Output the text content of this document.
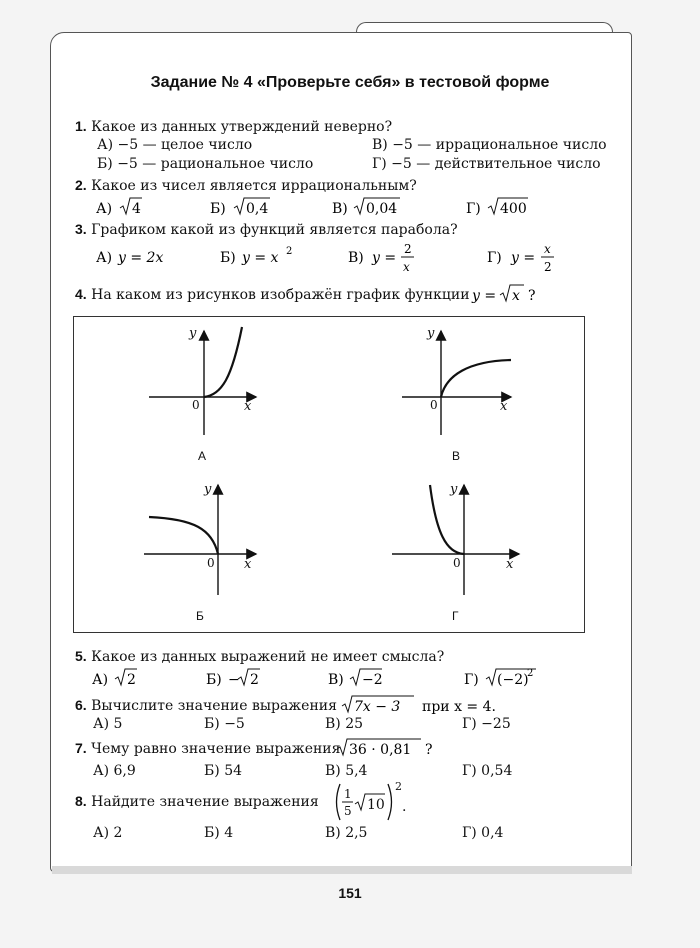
Задание № 4 «Проверьте себя» в тестовой форме
1. Какое из данных утверждений неверно?
А) −5 — целое число	В) −5 — иррациональное число
Б) −5 — рациональное число	Г) −5 — действительное число
2. Какое из чисел является иррациональным?
А) 4	Б) 0,4	В) 0,04	Г) 400
3. Графиком какой из функций является парабола?
А) y = 2x	Б) y = x 2	В) y =
2
x
Г) y =
x
2
4. На каком из рисунков изображён график функции y = x ?
y
x
y
x
y
x
y
x
0	0
0	0
А	В
Б	Г
5. Какое из данных выражений не имеет смысла?
А) 2	Б) − 2	В) −2	Г) (−2)
2
6. Вычислите значение выражения 7x − 3 при x = 4.
А) 5	Б) −5	В) 25	Г) −25
7. Чему равно значение выражения 36 · 0,81 ?
А) 6,9	Б) 54	В) 5,4	Г) 0,54
8. Найдите значение выражения 1
5 10
2
.
А) 2	Б) 4	В) 2,5	Г) 0,4
151
